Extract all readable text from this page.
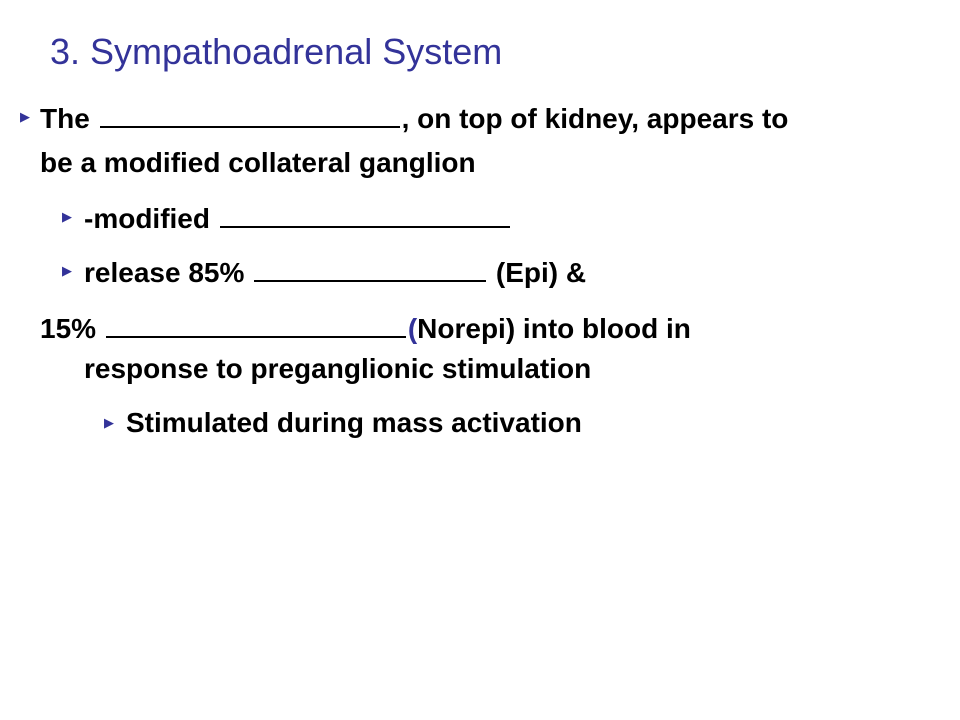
3. Sympathoadrenal System
▶ The	, on top of kidney, appears to
be a modified collateral ganglion
▶ -modified
▶ release 85%	(Epi) &
15%	(Norepi) into blood in
response to preganglionic stimulation
▶ Stimulated during mass activation
